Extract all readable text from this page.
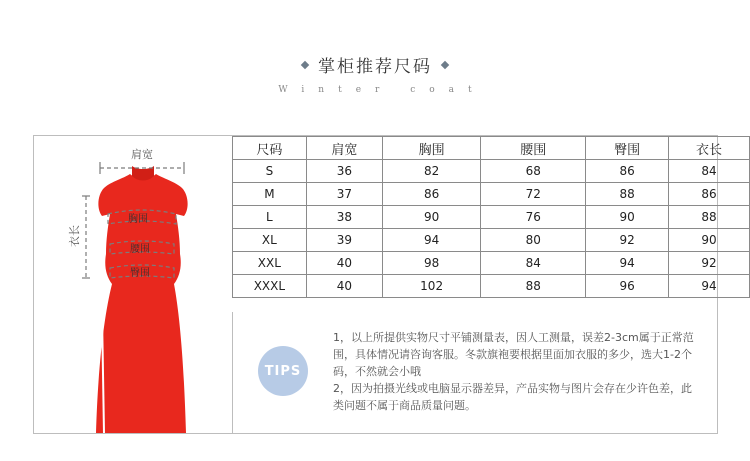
掌柜推荐尺码
Winter coat
肩宽
胸围
腰围
臀围
衣长
尺码	肩宽	胸围	腰围	臀围	衣长
S	36	82	68	86	84
M	37	86	72	88	86
L	38	90	76	90	88
XL	39	94	80	92	90
XXL	40	98	84	94	92
XXXL	40	102	88	96	94
TIPS

1，以上所提供实物尺寸平铺测量表，因人工测量，误差2-3cm属于正常范围，具体情况请咨询客服。冬款旗袍要根据里面加衣服的多少，选大1-2个码，不然就会小哦

2，因为拍摄光线或电脑显示器差异，产品实物与图片会存在少许色差，此类问题不属于商品质量问题。
